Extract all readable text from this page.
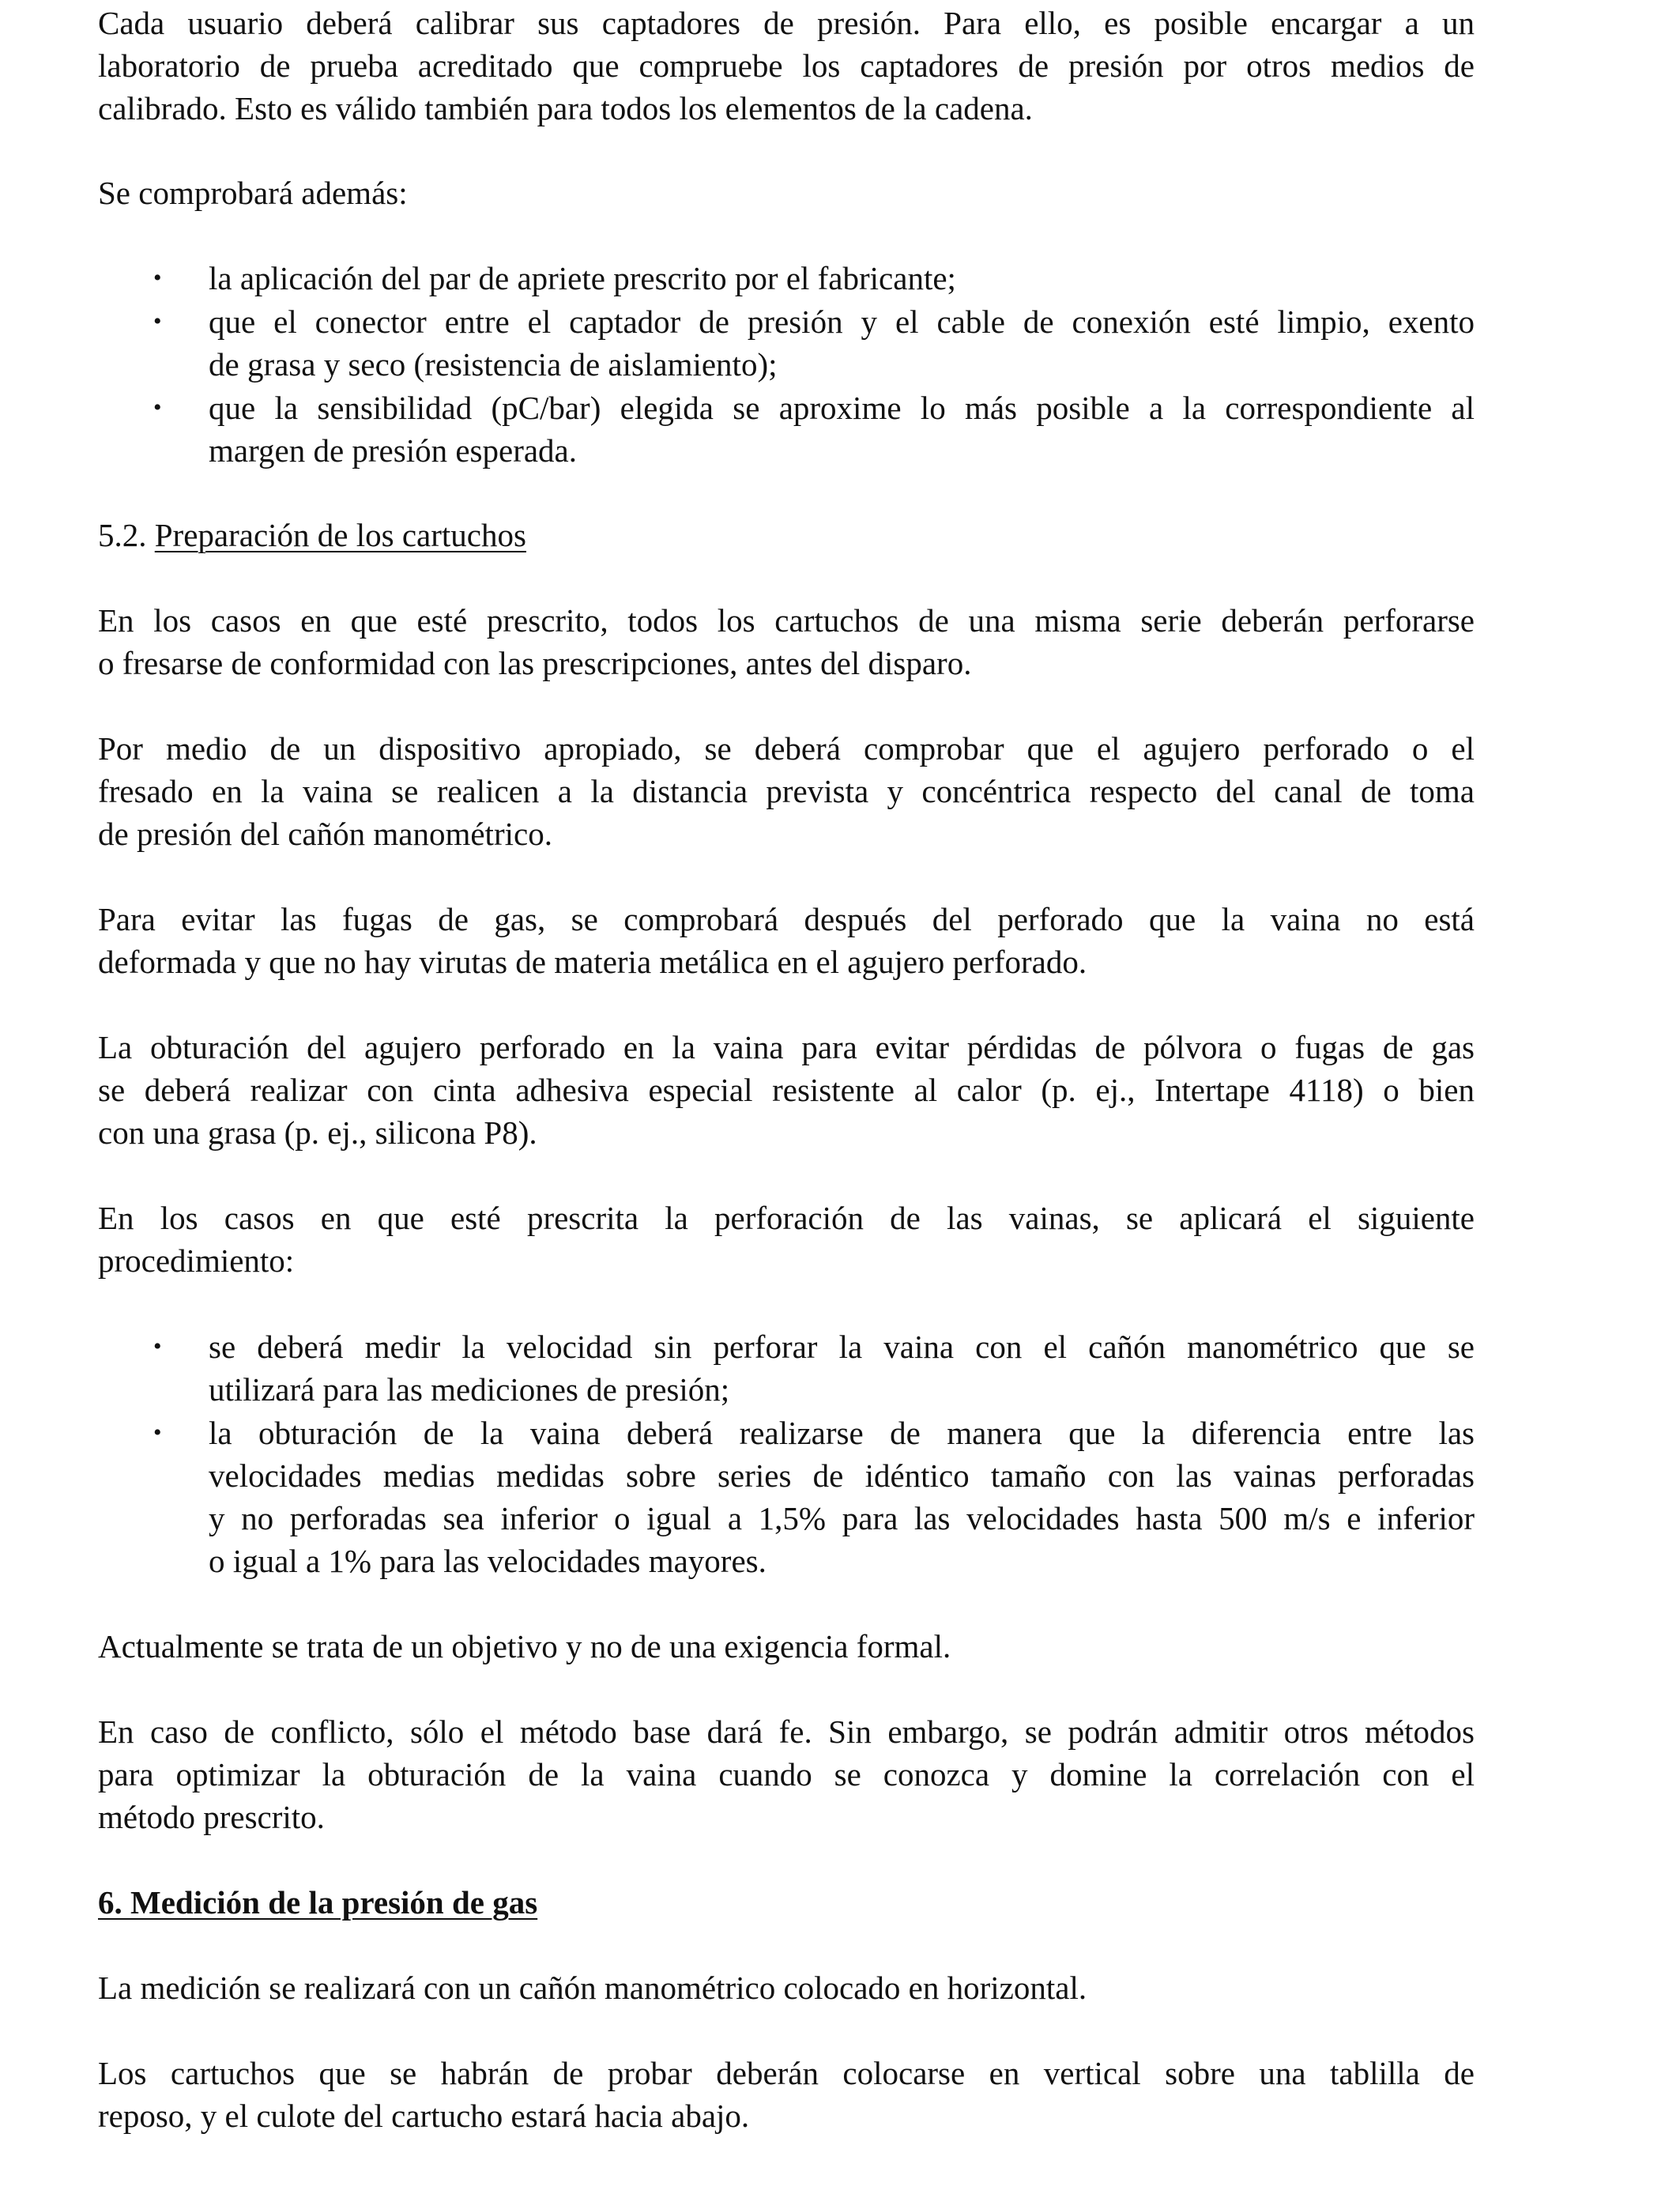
Cada usuario deberá calibrar sus captadores de presión. Para ello, es posible encargar a un
laboratorio de prueba acreditado que compruebe los captadores de presión por otros medios de
calibrado. Esto es válido también para todos los elementos de la cadena.
Se comprobará además:
• la aplicación del par de apriete prescrito por el fabricante;
• que el conector entre el captador de presión y el cable de conexión esté limpio, exento
de grasa y seco (resistencia de aislamiento);
• que la sensibilidad (pC/bar) elegida se aproxime lo más posible a la correspondiente al
margen de presión esperada.
5.2. Preparación de los cartuchos
En los casos en que esté prescrito, todos los cartuchos de una misma serie deberán perforarse
o fresarse de conformidad con las prescripciones, antes del disparo.
Por medio de un dispositivo apropiado, se deberá comprobar que el agujero perforado o el
fresado en la vaina se realicen a la distancia prevista y concéntrica respecto del canal de toma
de presión del cañón manométrico.
Para evitar las fugas de gas, se comprobará después del perforado que la vaina no está
deformada y que no hay virutas de materia metálica en el agujero perforado.
La obturación del agujero perforado en la vaina para evitar pérdidas de pólvora o fugas de gas
se deberá realizar con cinta adhesiva especial resistente al calor (p. ej., Intertape 4118) o bien
con una grasa (p. ej., silicona P8).
En los casos en que esté prescrita la perforación de las vainas, se aplicará el siguiente
procedimiento:
• se deberá medir la velocidad sin perforar la vaina con el cañón manométrico que se
utilizará para las mediciones de presión;
• la obturación de la vaina deberá realizarse de manera que la diferencia entre las
velocidades medias medidas sobre series de idéntico tamaño con las vainas perforadas
y no perforadas sea inferior o igual a 1,5% para las velocidades hasta 500 m/s e inferior
o igual a 1% para las velocidades mayores.
Actualmente se trata de un objetivo y no de una exigencia formal.
En caso de conflicto, sólo el método base dará fe. Sin embargo, se podrán admitir otros métodos
para optimizar la obturación de la vaina cuando se conozca y domine la correlación con el
método prescrito.
6. Medición de la presión de gas
La medición se realizará con un cañón manométrico colocado en horizontal.
Los cartuchos que se habrán de probar deberán colocarse en vertical sobre una tablilla de
reposo, y el culote del cartucho estará hacia abajo.
